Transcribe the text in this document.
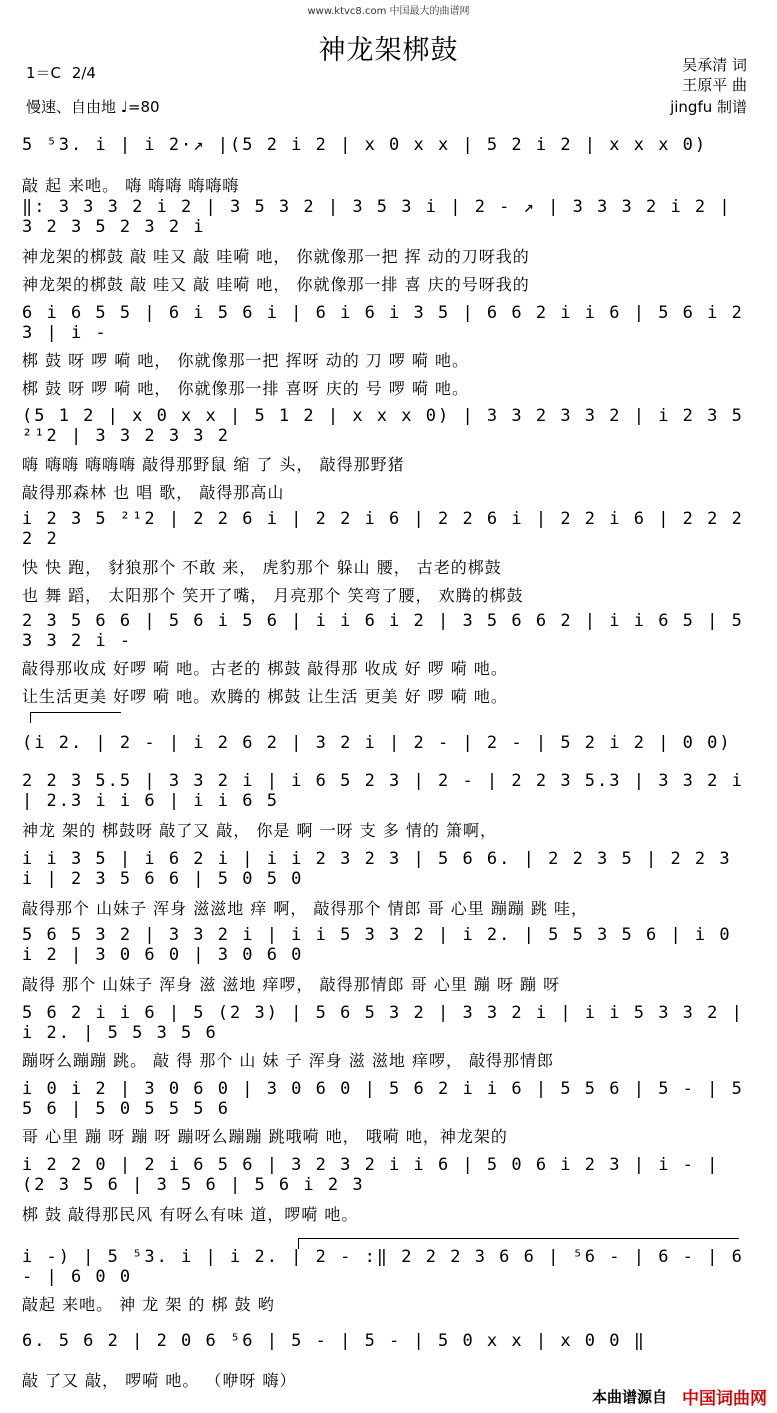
www.ktvc8.com 中国最大的曲谱网
神龙架梆鼓
1＝C 2/4
慢速、自由地 ♩=80
吴承清 词
王原平 曲
jingfu 制谱
5 ⁵3. i | i 2·↗ |(5 2 i 2 | x 0 x x | 5 2 i 2 | x x x 0)
敲 起 来吔。 嗨 嗨嗨 嗨嗨嗨
‖: 3 3 3 2 i 2 | 3 5 3 2 | 3 5 3 i | 2 - ↗ | 3 3 3 2 i 2 | 3 2 3 5 2 3 2 i
神龙架的梆鼓 敲 哇又 敲 哇嗬 吔， 你就像那一把 挥 动的刀呀我的
神龙架的梆鼓 敲 哇又 敲 哇嗬 吔， 你就像那一排 喜 庆的号呀我的
6 i 6 5 5 | 6 i 5 6 i | 6 i 6 i 3 5 | 6 6 2 i i 6 | 5 6 i 2 3 | i -
梆 鼓 呀 啰 嗬 吔， 你就像那一把 挥呀 动的 刀 啰 嗬 吔。
梆 鼓 呀 啰 嗬 吔， 你就像那一排 喜呀 庆的 号 啰 嗬 吔。
(5 1 2 | x 0 x x | 5 1 2 | x x x 0) | 3 3 2 3 3 2 | i 2 3 5 ²¹2 | 3 3 2 3 3 2
嗨 嗨嗨 嗨嗨嗨 敲得那野鼠 缩 了 头， 敲得那野猪
敲得那森林 也 唱 歌， 敲得那高山
i 2 3 5 ²¹2 | 2 2 6 i | 2 2 i 6 | 2 2 6 i | 2 2 i 6 | 2 2 2 2 2
快 快 跑， 豺狼那个 不敢 来， 虎豹那个 躲山 腰， 古老的梆鼓
也 舞 蹈， 太阳那个 笑开了嘴， 月亮那个 笑弯了腰， 欢腾的梆鼓
2 3 5 6 6 | 5 6 i 5 6 | i i 6 i 2 | 3 5 6 6 2 | i i 6 5 | 5 3 3 2 i -
敲得那收成 好啰 嗬 吔。古老的 梆鼓 敲得那 收成 好 啰 嗬 吔。
让生活更美 好啰 嗬 吔。欢腾的 梆鼓 让生活 更美 好 啰 嗬 吔。
(i 2. | 2 - | i 2 6 2 | 3 2 i | 2 - | 2 - | 5 2 i 2 | 0 0)
2 2 3 5.5 | 3 3 2 i | i 6 5 2 3 | 2 - | 2 2 3 5.3 | 3 3 2 i | 2.3 i i 6 | i i 6 5
神龙 架的 梆鼓呀 敲了又 敲， 你是 啊 一呀 支 多 情的 箫啊，
i i 3 5 | i 6 2 i | i i 2 3 2 3 | 5 6 6. | 2 2 3 5 | 2 2 3 i | 2 3 5 6 6 | 5 0 5 0
敲得那个 山妹子 浑身 滋滋地 痒 啊， 敲得那个 情郎 哥 心里 蹦蹦 跳 哇，
5 6 5 3 2 | 3 3 2 i | i i 5 3 3 2 | i 2. | 5 5 3 5 6 | i 0 i 2 | 3 0 6 0 | 3 0 6 0
敲得 那个 山妹子 浑身 滋 滋地 痒啰， 敲得那情郎 哥 心里 蹦 呀 蹦 呀
5 6 2 i i 6 | 5 (2 3) | 5 6 5 3 2 | 3 3 2 i | i i 5 3 3 2 | i 2. | 5 5 3 5 6
蹦呀么蹦蹦 跳。 敲 得 那个 山 妹 子 浑身 滋 滋地 痒啰， 敲得那情郎
i 0 i 2 | 3 0 6 0 | 3 0 6 0 | 5 6 2 i i 6 | 5 5 6 | 5 - | 5 5 6 | 5 0 5 5 5 6
哥 心里 蹦 呀 蹦 呀 蹦呀么蹦蹦 跳哦嗬 吔， 哦嗬 吔，神龙架的
i 2 2 0 | 2 i 6 5 6 | 3 2 3 2 i i 6 | 5 0 6 i 2 3 | i - | (2 3 5 6 | 3 5 6 | 5 6 i 2 3
梆 鼓 敲得那民风 有呀么有味 道，啰嗬 吔。
i -) | 5 ⁵3. i | i 2. | 2 - :‖ 2 2 2 3 6 6 | ⁵6 - | 6 - | 6 - | 6 0 0
敲起 来吔。 神 龙 架 的 梆 鼓 哟
6. 5 6 2 | 2 0 6 ⁵6 | 5 - | 5 - | 5 0 x x | x 0 0 ‖
敲 了又 敲， 啰嗬 吔。 （咿呀 嗨）
本曲谱源自 中国词曲网
